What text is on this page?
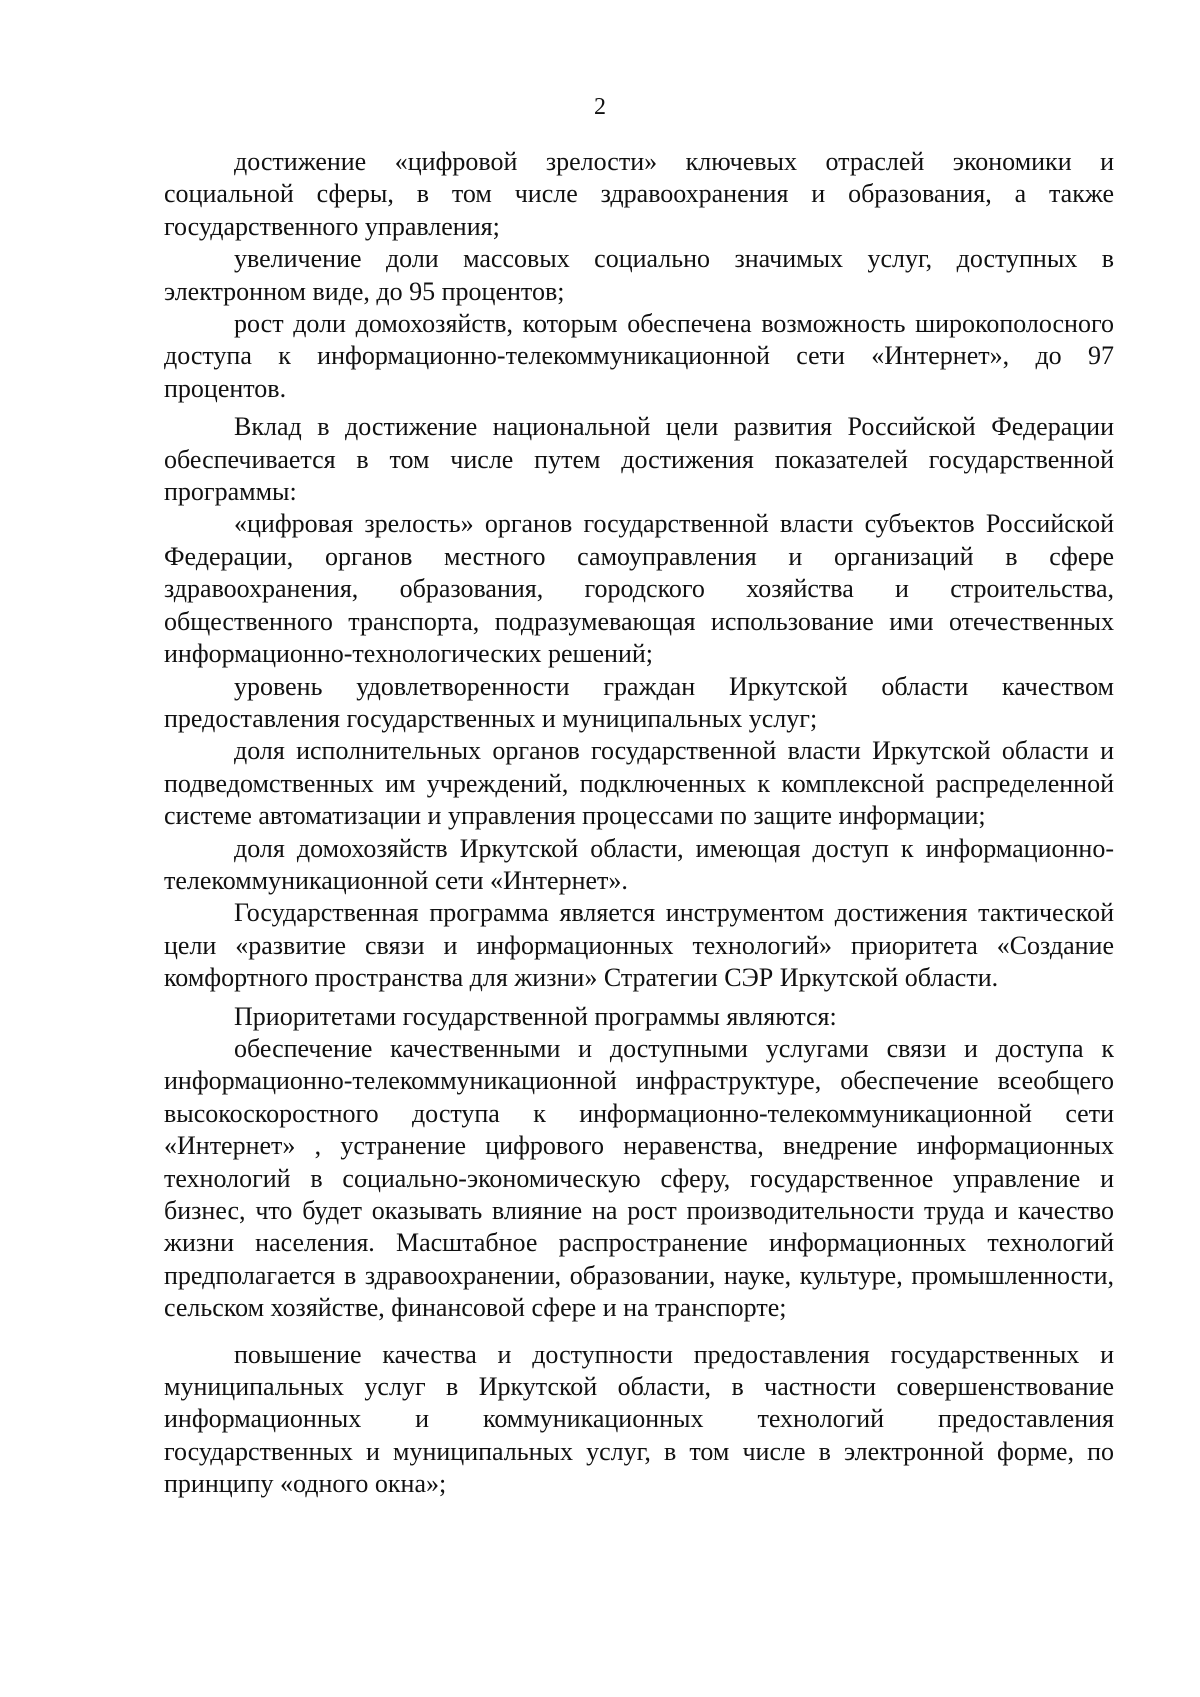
2

достижение «цифровой зрелости» ключевых отраслей экономики и социальной сферы, в том числе здравоохранения и образования, а также государственного управления;

увеличение доли массовых социально значимых услуг, доступных в электронном виде, до 95 процентов;

рост доли домохозяйств, которым обеспечена возможность широкополосного доступа к информационно-телекоммуникационной сети «Интернет», до 97 процентов.

Вклад в достижение национальной цели развития Российской Федерации обеспечивается в том числе путем достижения показателей государственной программы:

«цифровая зрелость» органов государственной власти субъектов Российской Федерации, органов местного самоуправления и организаций в сфере здравоохранения, образования, городского хозяйства и строительства, общественного транспорта, подразумевающая использование ими отечественных информационно-технологических решений;

уровень удовлетворенности граждан Иркутской области качеством предоставления государственных и муниципальных услуг;

доля исполнительных органов государственной власти Иркутской области и подведомственных им учреждений, подключенных к комплексной распределенной системе автоматизации и управления процессами по защите информации;

доля домохозяйств Иркутской области, имеющая доступ к информационно-телекоммуникационной сети «Интернет».

Государственная программа является инструментом достижения тактической цели «развитие связи и информационных технологий» приоритета «Создание комфортного пространства для жизни» Стратегии СЭР Иркутской области.

Приоритетами государственной программы являются:

обеспечение качественными и доступными услугами связи и доступа к информационно-телекоммуникационной инфраструктуре, обеспечение всеобщего высокоскоростного доступа к информационно-телекоммуникационной сети «Интернет» , устранение цифрового неравенства, внедрение информационных технологий в социально-экономическую сферу, государственное управление и бизнес, что будет оказывать влияние на рост производительности труда и качество жизни населения. Масштабное распространение информационных технологий предполагается в здравоохранении, образовании, науке, культуре, промышленности, сельском хозяйстве, финансовой сфере и на транспорте;

повышение качества и доступности предоставления государственных и муниципальных услуг в Иркутской области, в частности совершенствование информационных и коммуникационных технологий предоставления государственных и муниципальных услуг, в том числе в электронной форме, по принципу «одного окна»;
